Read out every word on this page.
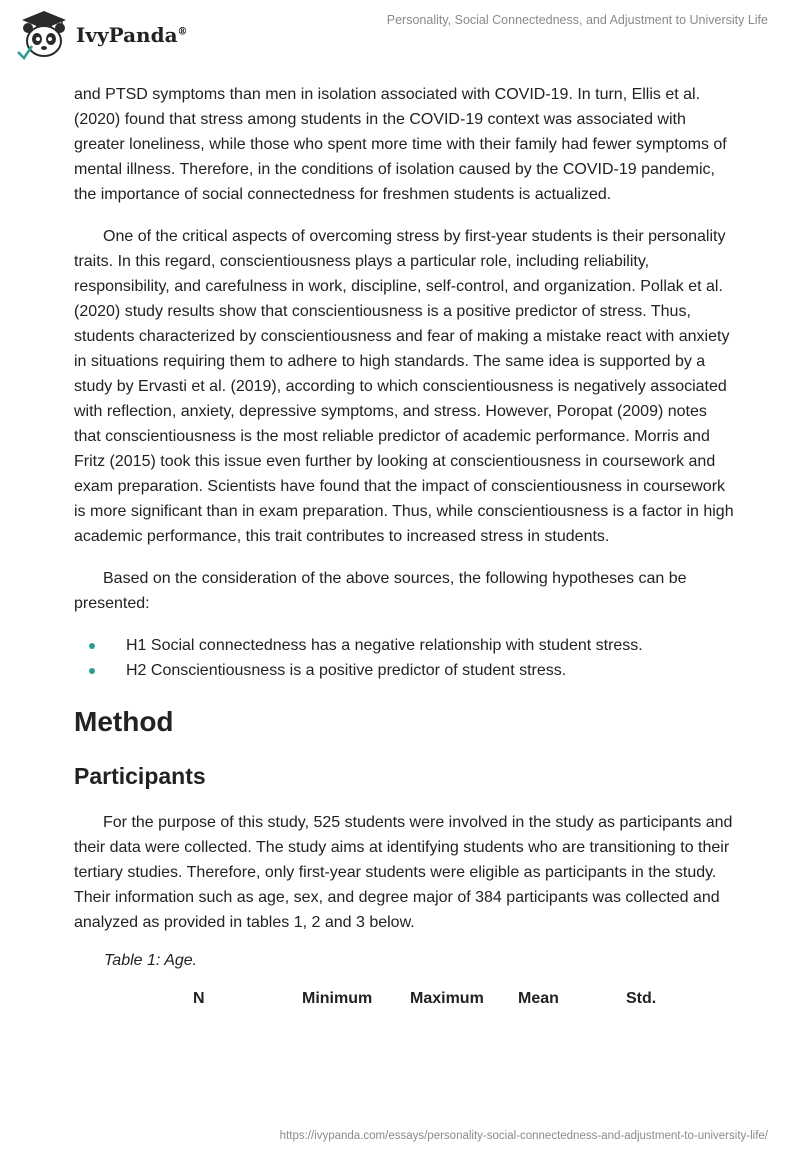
IvyPanda®
Personality, Social Connectedness, and Adjustment to University Life

and PTSD symptoms than men in isolation associated with COVID-19. In turn, Ellis et al. (2020) found that stress among students in the COVID-19 context was associated with greater loneliness, while those who spent more time with their family had fewer symptoms of mental illness. Therefore, in the conditions of isolation caused by the COVID-19 pandemic, the importance of social connectedness for freshmen students is actualized.

One of the critical aspects of overcoming stress by first-year students is their personality traits. In this regard, conscientiousness plays a particular role, including reliability, responsibility, and carefulness in work, discipline, self-control, and organization. Pollak et al. (2020) study results show that conscientiousness is a positive predictor of stress. Thus, students characterized by conscientiousness and fear of making a mistake react with anxiety in situations requiring them to adhere to high standards. The same idea is supported by a study by Ervasti et al. (2019), according to which conscientiousness is negatively associated with reflection, anxiety, depressive symptoms, and stress. However, Poropat (2009) notes that conscientiousness is the most reliable predictor of academic performance. Morris and Fritz (2015) took this issue even further by looking at conscientiousness in coursework and exam preparation. Scientists have found that the impact of conscientiousness in coursework is more significant than in exam preparation. Thus, while conscientiousness is a factor in high academic performance, this trait contributes to increased stress in students.

Based on the consideration of the above sources, the following hypotheses can be presented:

H1 Social connectedness has a negative relationship with student stress.
H2 Conscientiousness is a positive predictor of student stress.
Method
Participants

For the purpose of this study, 525 students were involved in the study as participants and their data were collected. The study aims at identifying students who are transitioning to their tertiary studies. Therefore, only first-year students were eligible as participants in the study. Their information such as age, sex, and degree major of 384 participants was collected and analyzed as provided in tables 1, 2 and 3 below.

Table 1: Age.
N	Minimum Maximum Mean	Std.
https://ivypanda.com/essays/personality-social-connectedness-and-adjustment-to-university-life/
